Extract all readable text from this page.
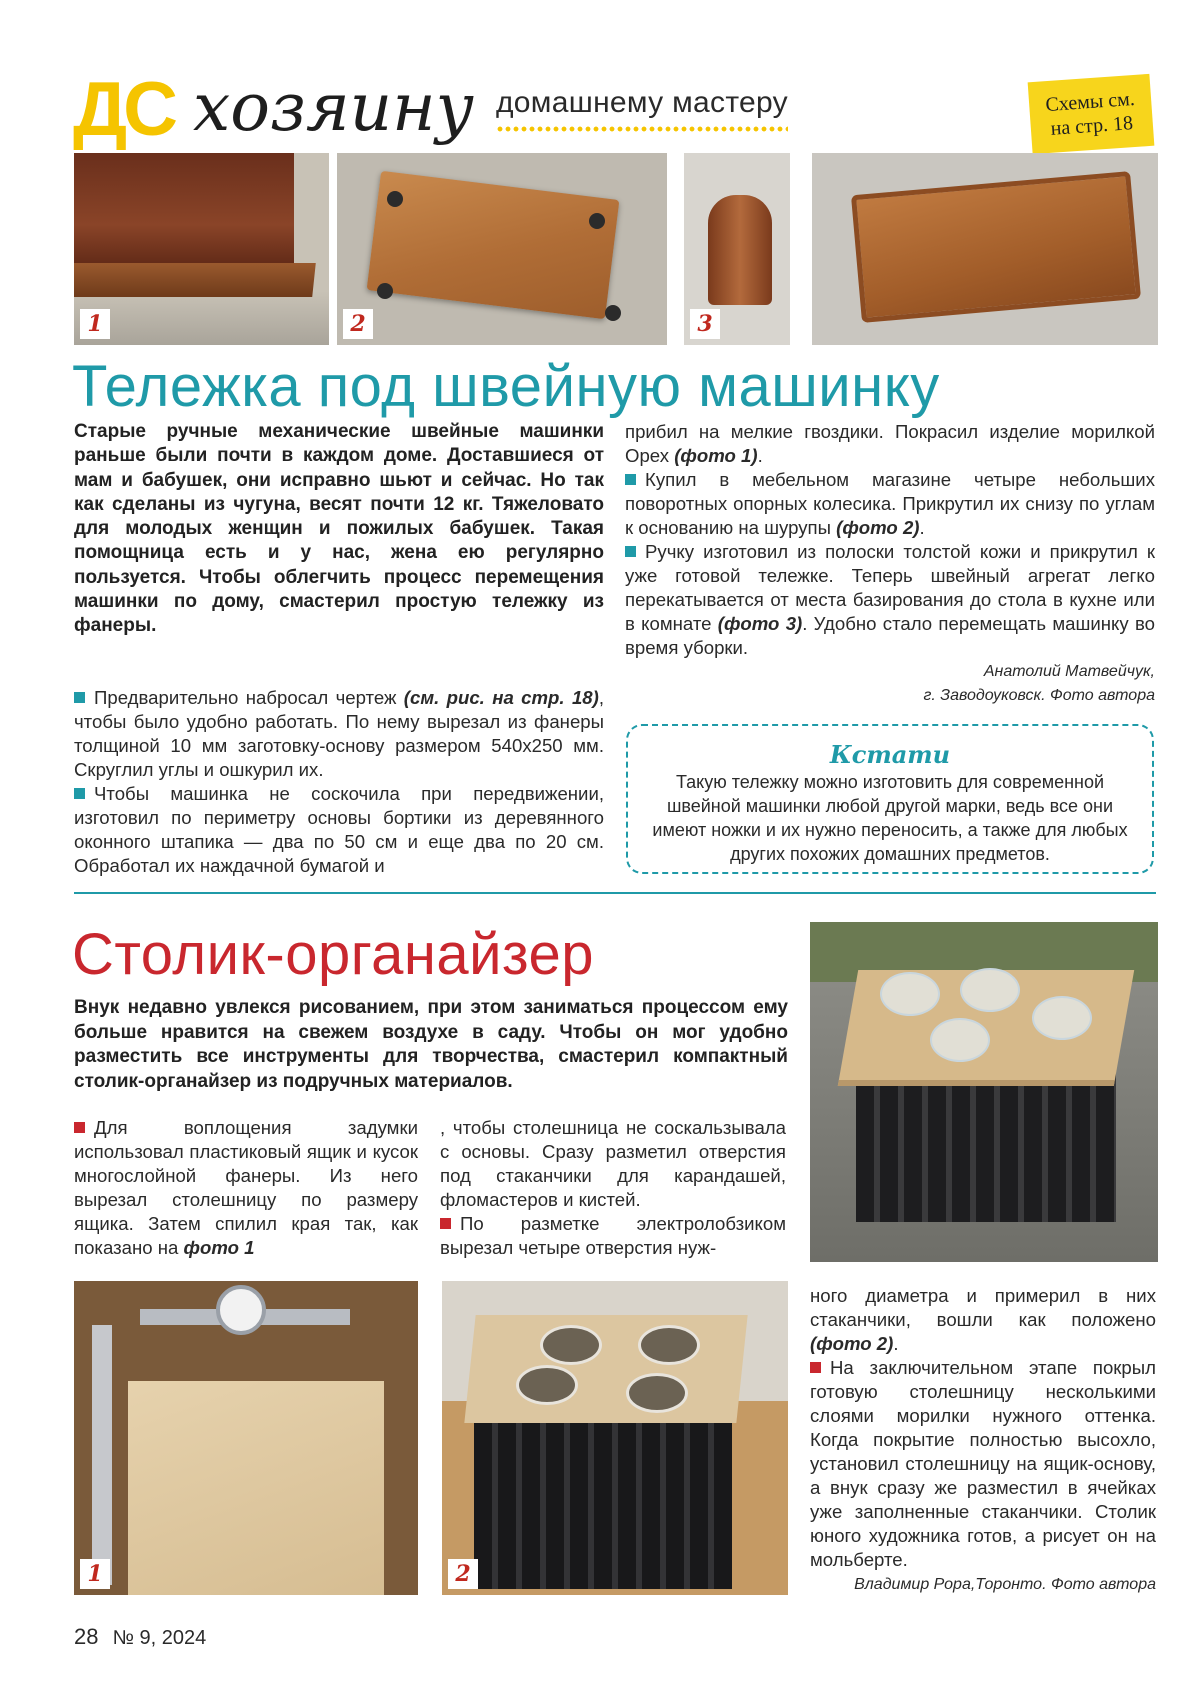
ДС хозяину домашнему мастеру	Схемы см.
на стр. 18
1	2	3
Тележка под швейную машинку
Старые ручные механические швейные машинки раньше были почти в каждом доме. Доставшиеся от мам и бабушек, они исправно шьют и сейчас. Но так как сделаны из чугуна, весят почти 12 кг. Тяжеловато для молодых женщин и пожилых бабушек. Такая помощница есть и у нас, жена ею регулярно пользуется. Чтобы облегчить процесс перемещения машинки по дому, смастерил простую тележку из фанеры.

Предварительно набросал чертеж (см. рис. на стр. 18), чтобы было удобно работать. По нему вырезал из фанеры толщиной 10 мм заготовку-основу размером 540x250 мм. Скруглил углы и ошкурил их.

Чтобы машинка не соскочила при передвижении, изготовил по периметру основы бортики из деревянного оконного штапика — два по 50 см и еще два по 20 см. Обработал их наждачной бумагой и

прибил на мелкие гвоздики. Покрасил изделие морилкой Орех (фото 1).

Купил в мебельном магазине четыре небольших поворотных опорных колесика. Прикрутил их снизу по углам к основанию на шурупы (фото 2).

Ручку изготовил из полоски толстой кожи и прикрутил к уже готовой тележке. Теперь швейный агрегат легко перекатывается от места базирования до стола в кухне или в комнате (фото 3). Удобно стало перемещать машинку во время уборки.

Анатолий Матвейчук,
г. Заводоуковск. Фото автора
Кстати
Такую тележку можно изготовить для современной швейной машинки любой другой марки, ведь все они имеют ножки и их нужно переносить, а также для любых других похожих домашних предметов.
Столик-органайзер
Внук недавно увлекся рисованием, при этом заниматься процессом ему больше нравится на свежем воздухе в саду. Чтобы он мог удобно разместить все инструменты для творчества, смастерил компактный столик-органайзер из подручных материалов.

Для воплощения задумки использовал пластиковый ящик и кусок многослойной фанеры. Из него вырезал столешницу по размеру ящика. Затем спилил края так, как показано на фото 1

, чтобы столешница не соскальзывала с основы. Сразу разметил отверстия под стаканчики для карандашей, фломастеров и кистей.

По разметке электролобзиком вырезал четыре отверстия нуж-

ного диаметра и примерил в них стаканчики, вошли как положено (фото 2).

На заключительном этапе покрыл готовую столешницу несколькими слоями морилки нужного оттенка. Когда покрытие полностью высохло, установил столешницу на ящик-основу, а внук сразу же разместил в ячейках уже заполненные стаканчики. Столик юного художника готов, а рисует он на мольберте.

1	2	Владимир Рора,Торонто. Фото автора
28 № 9, 2024
